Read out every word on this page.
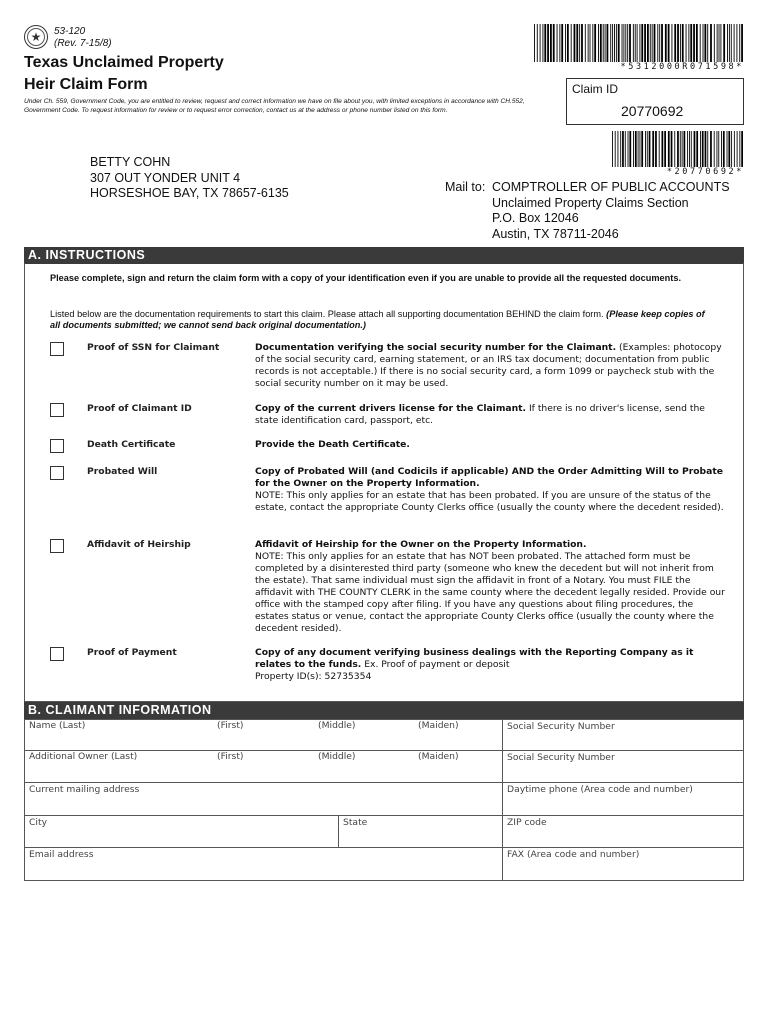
★	53-120
(Rev. 7-15/8)
Texas Unclaimed Property
Heir Claim Form
Under Ch. 559, Government Code, you are entitled to review, request and correct information we have on file about you, with limited exceptions in accordance with CH.552, Government Code. To request information for review or to request error correction, contact us at the address or phone number listed on this form.
*5312000R071598*
Claim ID
20770692
*20770692*
BETTY COHN
307 OUT YONDER UNIT 4
HORSESHOE BAY, TX 78657-6135	Mail to: COMPTROLLER OF PUBLIC ACCOUNTS
Unclaimed Property Claims Section
P.O. Box 12046
Austin, TX 78711-2046
A. INSTRUCTIONS
Please complete, sign and return the claim form with a copy of your identification even if you are unable to provide all the requested documents.
Listed below are the documentation requirements to start this claim. Please attach all supporting documentation BEHIND the claim form. (Please keep copies of all documents submitted; we cannot send back original documentation.)
Proof of SSN for Claimant	Documentation verifying the social security number for the Claimant. (Examples: photocopy of the social security card, earning statement, or an IRS tax document; documentation from public records is not acceptable.) If there is no social security card, a form 1099 or paycheck stub with the social security number on it may be used.
Proof of Claimant ID	Copy of the current drivers license for the Claimant. If there is no driver's license, send the state identification card, passport, etc.
Death Certificate	Provide the Death Certificate.
Probated Will	Copy of Probated Will (and Codicils if applicable) AND the Order Admitting Will to Probate for the Owner on the Property Information.
NOTE: This only applies for an estate that has been probated. If you are unsure of the status of the estate, contact the appropriate County Clerks office (usually the county where the decedent resided).
Affidavit of Heirship	Affidavit of Heirship for the Owner on the Property Information.
NOTE: This only applies for an estate that has NOT been probated. The attached form must be completed by a disinterested third party (someone who knew the decedent but will not inherit from the estate). That same individual must sign the affidavit in front of a Notary. You must FILE the affidavit with THE COUNTY CLERK in the same county where the decedent legally resided. Provide our office with the stamped copy after filing. If you have any questions about filing procedures, the estates status or venue, contact the appropriate County Clerks office (usually the county where the decedent resided).
Proof of Payment	Copy of any document verifying business dealings with the Reporting Company as it relates to the funds. Ex. Proof of payment or deposit
Property ID(s): 52735354
B. CLAIMANT INFORMATION
Name (Last)	(First)	(Middle)	(Maiden)	Social Security Number
Additional Owner (Last)	(First)	(Middle)	(Maiden)	Social Security Number
Current mailing address	Daytime phone (Area code and number)
City	State	ZIP code
Email address	FAX (Area code and number)
